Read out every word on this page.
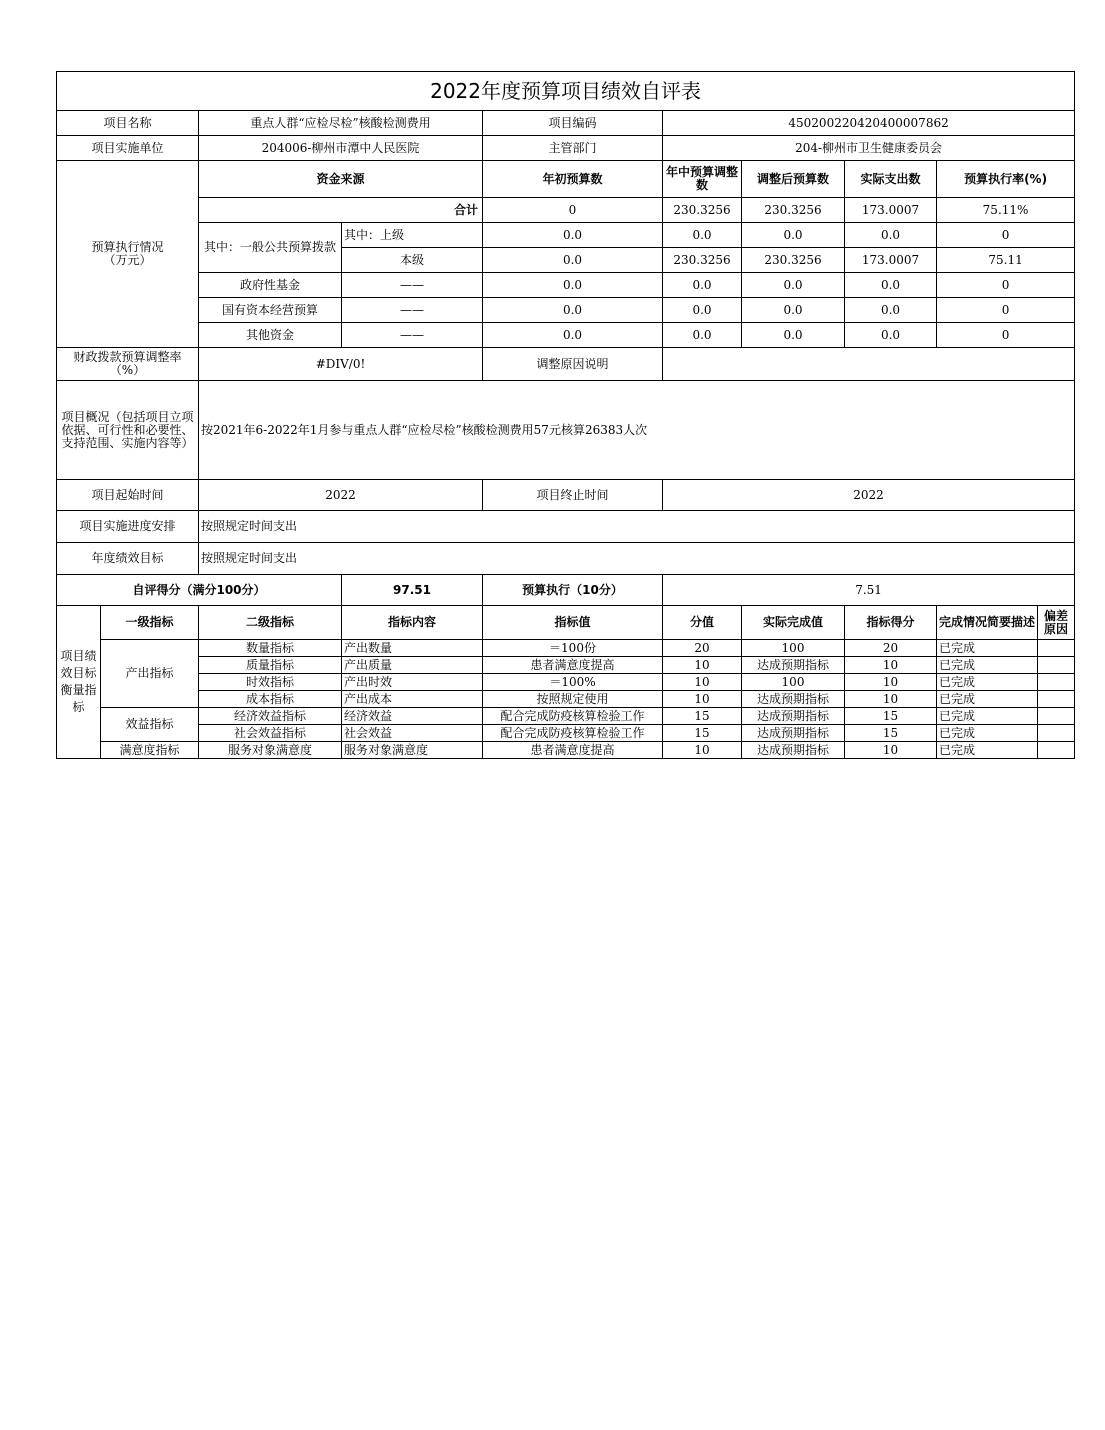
2022年度预算项目绩效自评表									
项目名称		重点人群“应检尽检”核酸检测费用		项目编码	450200220420400007862				
项目实施单位		204006-柳州市潭中人民医院		主管部门	204-柳州市卫生健康委员会				
预算执行情况
（万元）		资金来源		年初预算数	年中预算调整数	调整后预算数	实际支出数	预算执行率(%)	
		合计		0	230.3256	230.3256	173.0007	75.11%	
		其中：一般公共预算拨款	其中：上级	0.0	0.0	0.0	0.0	0	
			本级	0.0	230.3256	230.3256	173.0007	75.11	
		政府性基金	——	0.0	0.0	0.0	0.0	0	
		国有资本经营预算	——	0.0	0.0	0.0	0.0	0	
		其他资金	——	0.0	0.0	0.0	0.0	0	
财政拨款预算调整率（%）		#DIV/0!		调整原因说明					
项目概况（包括项目立项依据、可行性和必要性、支持范围、实施内容等）		按2021年6-2022年1月参与重点人群“应检尽检”核酸检测费用57元核算26383人次							
项目起始时间		2022		项目终止时间	2022				
项目实施进度安排		按照规定时间支出							
年度绩效目标		按照规定时间支出							
自评得分（满分100分）			97.51	预算执行（10分）	7.51				
项目绩效目标衡量指标	一级指标	二级指标	指标内容	指标值	分值	实际完成值	指标得分	完成情况简要描述	偏差原因
	产出指标	数量指标	产出数量	＝100份	20	100	20	已完成	
		质量指标	产出质量	患者满意度提高	10	达成预期指标	10	已完成	
		时效指标	产出时效	＝100%	10	100	10	已完成	
		成本指标	产出成本	按照规定使用	10	达成预期指标	10	已完成	
	效益指标	经济效益指标	经济效益	配合完成防疫核算检验工作	15	达成预期指标	15	已完成	
		社会效益指标	社会效益	配合完成防疫核算检验工作	15	达成预期指标	15	已完成	
	满意度指标	服务对象满意度	服务对象满意度	患者满意度提高	10	达成预期指标	10	已完成	
